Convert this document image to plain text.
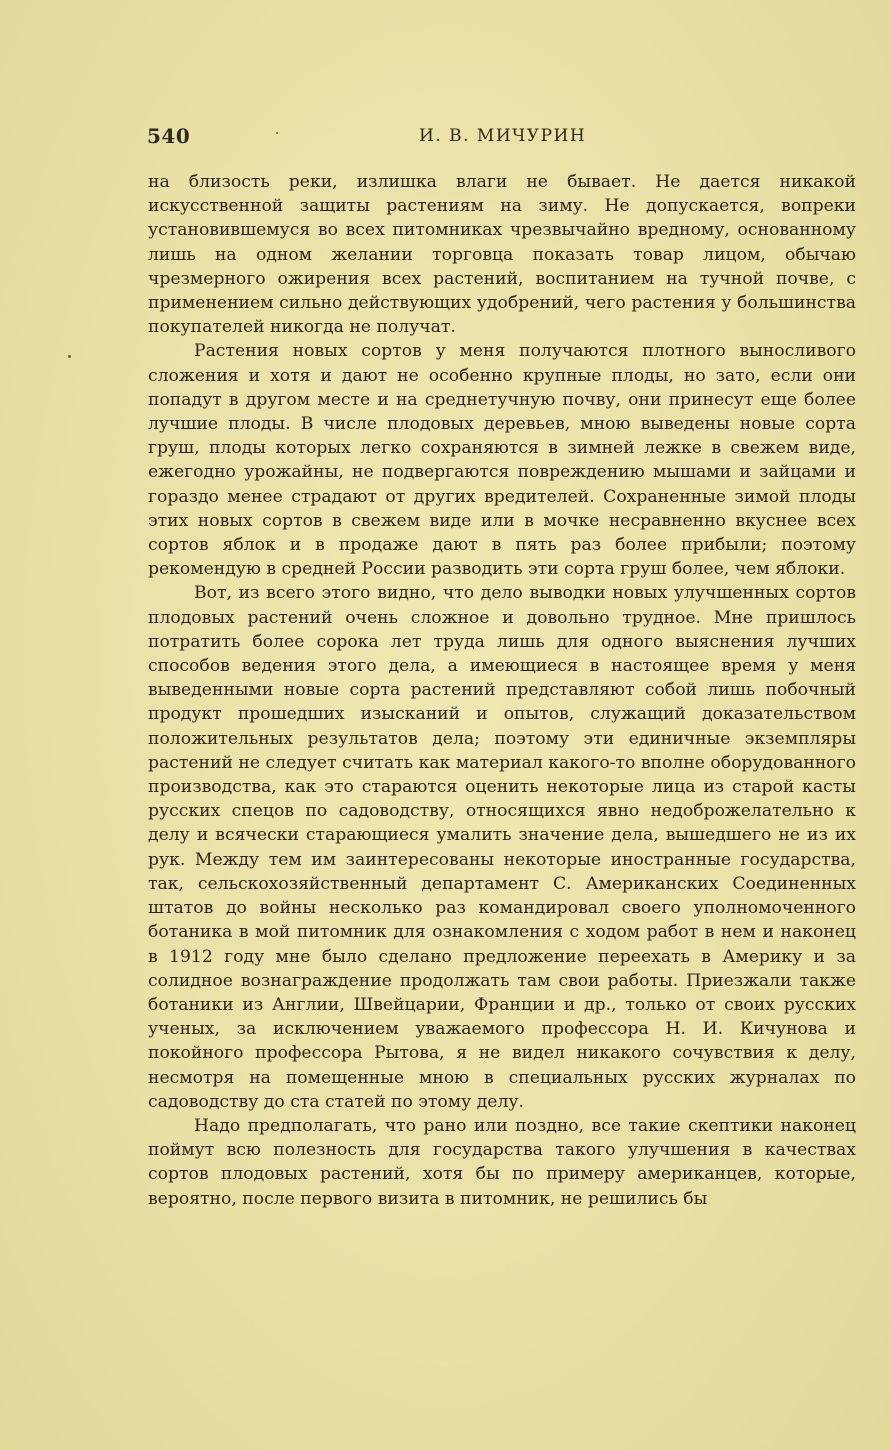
540	И. В. МИЧУРИН

на близость реки, излишка влаги не бывает. Не дается никакой искусственной защиты растениям на зиму. Не допускается, вопреки установившемуся во всех питомниках чрезвычайно вредному, основанному лишь на одном желании торговца показать товар лицом, обычаю чрезмерного ожирения всех растений, воспитанием на тучной почве, с применением сильно действующих удобрений, чего растения у большинства покупателей никогда не получат.

Растения новых сортов у меня получаются плотного выносливого сложения и хотя и дают не особенно крупные плоды, но зато, если они попадут в другом месте и на среднетучную почву, они принесут еще более лучшие плоды. В числе плодовых деревьев, мною выведены новые сорта груш, плоды которых легко сохраняются в зимней лежке в свежем виде, ежегодно урожайны, не подвергаются повреждению мышами и зайцами и гораздо менее страдают от других вредителей. Сохраненные зимой плоды этих новых сортов в свежем виде или в мочке несравненно вкуснее всех сортов яблок и в продаже дают в пять раз более прибыли; поэтому рекомендую в средней России разводить эти сорта груш более, чем яблоки.

Вот, из всего этого видно, что дело выводки новых улучшенных сортов плодовых растений очень сложное и довольно трудное. Мне пришлось потратить более сорока лет труда лишь для одного выяснения лучших способов ведения этого дела, а имеющиеся в настоящее время у меня выведенными новые сорта растений представляют собой лишь побочный продукт прошедших изысканий и опытов, служащий доказательством положительных результатов дела; поэтому эти единичные экземпляры растений не следует считать как материал какого-то вполне оборудованного производства, как это стараются оценить некоторые лица из старой касты русских спецов по садоводству, относящихся явно недоброжелательно к делу и всячески старающиеся умалить значение дела, вышедшего не из их рук. Между тем им заинтересованы некоторые иностранные государства, так, сельскохозяйственный департамент С. Американских Соединенных штатов до войны несколько раз командировал своего уполномоченного ботаника в мой питомник для ознакомления с ходом работ в нем и наконец в 1912 году мне было сделано предложение переехать в Америку и за солидное вознаграждение продолжать там свои работы. Приезжали также ботаники из Англии, Швейцарии, Франции и др., только от своих русских ученых, за исключением уважаемого профессора Н. И. Кичунова и покойного профессора Рытова, я не видел никакого сочувствия к делу, несмотря на помещенные мною в специальных русских журналах по садоводству до ста статей по этому делу.

Надо предполагать, что рано или поздно, все такие скептики наконец поймут всю полезность для государства такого улучшения в качествах сортов плодовых растений, хотя бы по примеру американцев, которые, вероятно, после первого визита в питомник, не решились бы
